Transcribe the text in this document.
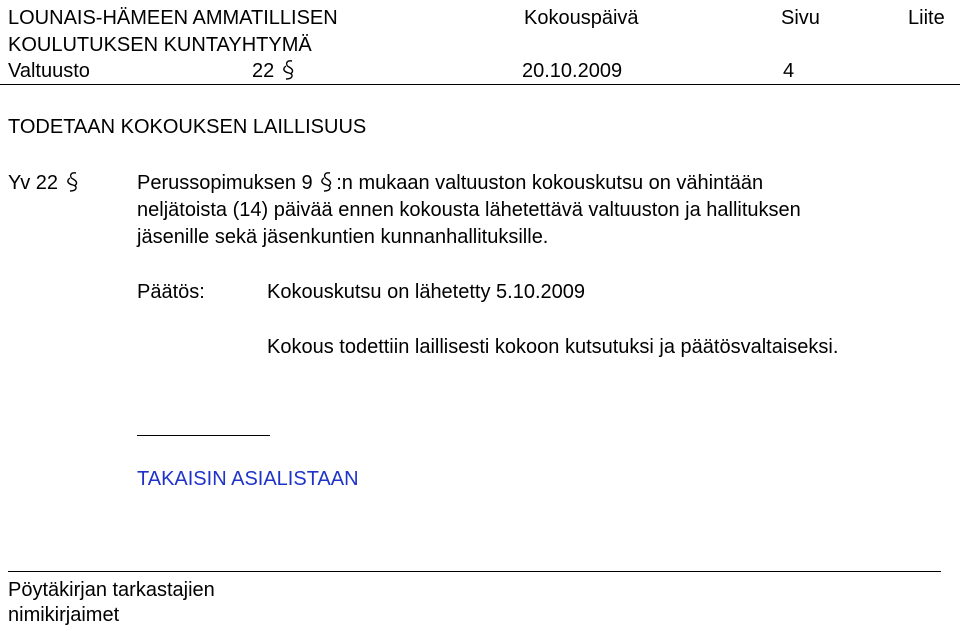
LOUNAIS-HÄMEEN AMMATILLISEN	Kokouspäivä	Sivu	Liite
KOULUTUKSEN KUNTAYHTYMÄ
Valtuusto	22	20.10.2009	4
TODETAAN KOKOUKSEN LAILLISUUS
Yv 22	Perussopimuksen 9 :n mukaan valtuuston kokouskutsu on vähintään
neljätoista (14) päivää ennen kokousta lähetettävä valtuuston ja hallituksen
jäsenille sekä jäsenkuntien kunnanhallituksille.
Päätös:	Kokouskutsu on lähetetty 5.10.2009
Kokous todettiin laillisesti kokoon kutsutuksi ja päätösvaltaiseksi.
TAKAISIN ASIALISTAAN
Pöytäkirjan tarkastajien
nimikirjaimet
